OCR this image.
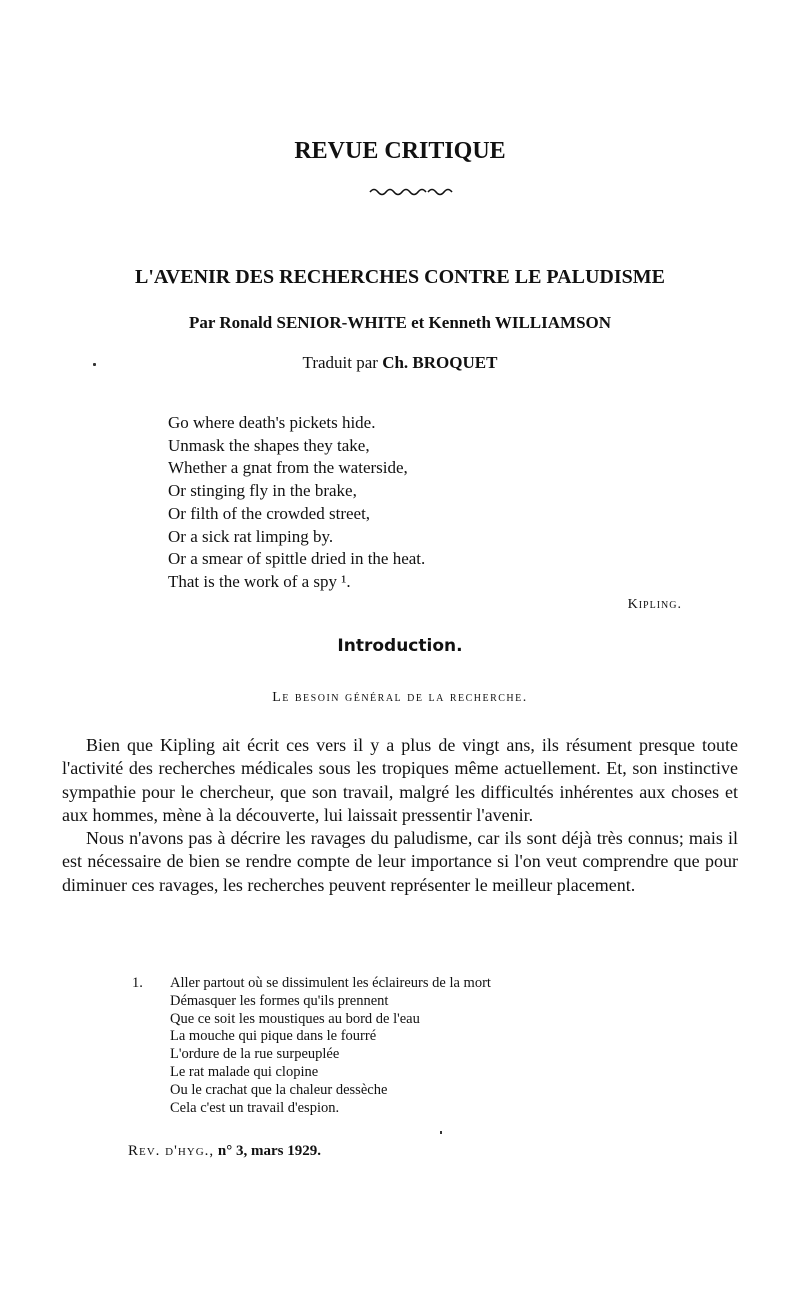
REVUE CRITIQUE
L'AVENIR DES RECHERCHES CONTRE LE PALUDISME
Par Ronald SENIOR-WHITE et Kenneth WILLIAMSON
Traduit par Ch. BROQUET
Go where death's pickets hide.
Unmask the shapes they take,
Whether a gnat from the waterside,
Or stinging fly in the brake,
Or filth of the crowded street,
Or a sick rat limping by.
Or a smear of spittle dried in the heat.
That is the work of a spy ¹.
Kipling.
Introduction.
Le besoin général de la recherche.

Bien que Kipling ait écrit ces vers il y a plus de vingt ans, ils résument presque toute l'activité des recherches médicales sous les tropiques même actuellement. Et, son instinctive sympathie pour le chercheur, que son travail, malgré les difficultés inhérentes aux choses et aux hommes, mène à la découverte, lui laissait pressentir l'avenir.

Nous n'avons pas à décrire les ravages du paludisme, car ils sont déjà très connus; mais il est nécessaire de bien se rendre compte de leur importance si l'on veut comprendre que pour diminuer ces ravages, les recherches peuvent représenter le meilleur placement.

1. Aller partout où se dissimulent les éclaireurs de la mort
Démasquer les formes qu'ils prennent
Que ce soit les moustiques au bord de l'eau
La mouche qui pique dans le fourré
L'ordure de la rue surpeuplée
Le rat malade qui clopine
Ou le crachat que la chaleur dessèche
Cela c'est un travail d'espion.
Rev. d'hyg., n° 3, mars 1929.
